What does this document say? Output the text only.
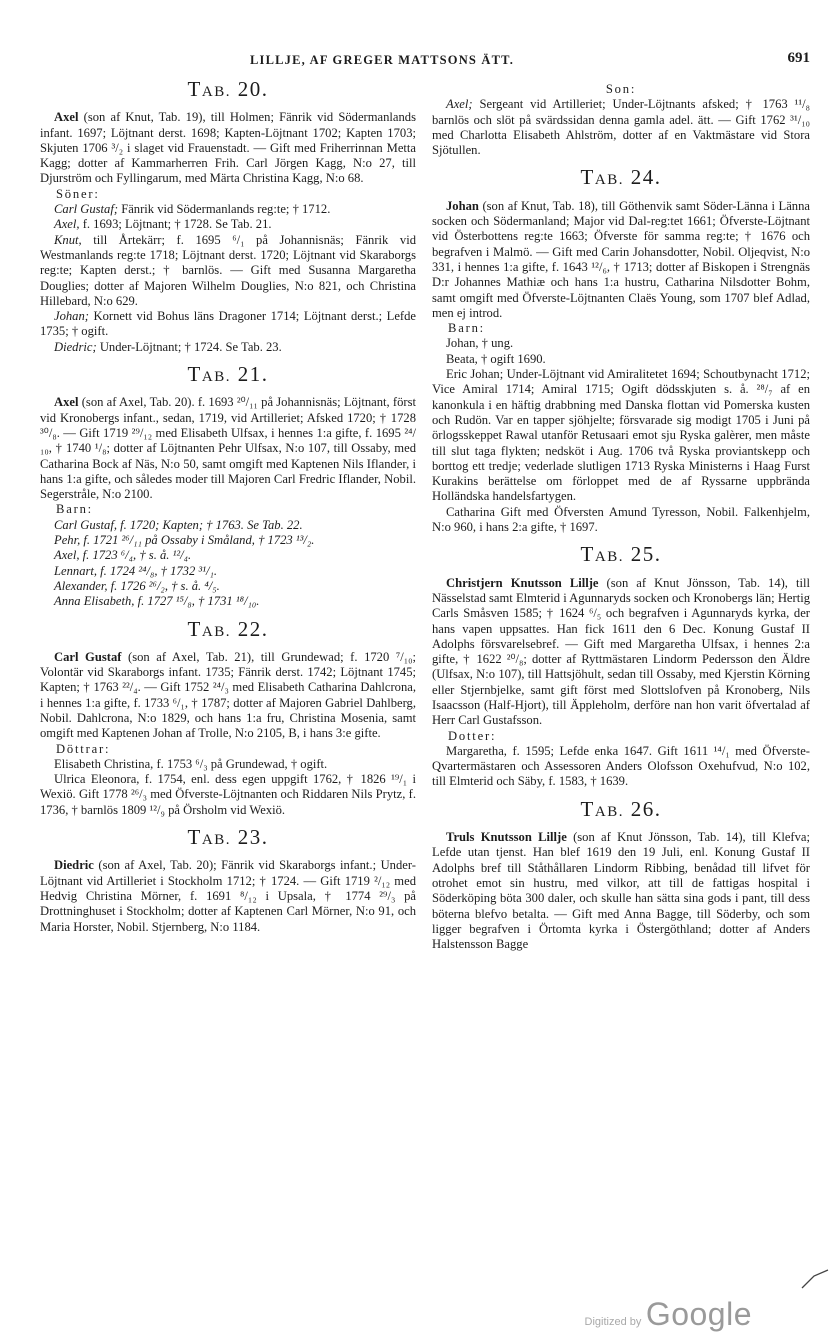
LILLJE, AF GREGER MATTSONS ÄTT.	691
TAB. 20.

Axel (son af Knut, Tab. 19), till Holmen; Fänrik vid Södermanlands infant. 1697; Löjtnant derst. 1698; Kapten-Löjtnant 1702; Kapten 1703; Skjuten 1706 ³/₂ i slaget vid Frauenstadt. — Gift med Friherrinnan Metta Kagg; dotter af Kammarherren Frih. Carl Jörgen Kagg, N:o 27, till Djurström och Fyllingarum, med Märta Christina Kagg, N:o 68.

Söner:

Carl Gustaf; Fänrik vid Södermanlands reg:te; † 1712.

Axel, f. 1693; Löjtnant; † 1728. Se Tab. 21.

Knut, till Årtekärr; f. 1695 ⁶/₁ på Johannisnäs; Fänrik vid Westmanlands reg:te 1718; Löjtnant derst. 1720; Löjtnant vid Skaraborgs reg:te; Kapten derst.; † barnlös. — Gift med Susanna Margaretha Douglies; dotter af Majoren Wilhelm Douglies, N:o 821, och Christina Hillebard, N:o 629.

Johan; Kornett vid Bohus läns Dragoner 1714; Löjtnant derst.; Lefde 1735; † ogift.

Diedric; Under-Löjtnant; † 1724. Se Tab. 23.

TAB. 21.

Axel (son af Axel, Tab. 20). f. 1693 ²⁰/₁₁ på Johannisnäs; Löjtnant, först vid Kronobergs infant., sedan, 1719, vid Artilleriet; Afsked 1720; † 1728 ³⁰/₈. — Gift 1719 ²⁹/₁₂ med Elisabeth Ulfsax, i hennes 1:a gifte, f. 1695 ²⁴/₁₀, † 1740 ¹/₈; dotter af Löjtnanten Pehr Ulfsax, N:o 107, till Ossaby, med Catharina Bock af Näs, N:o 50, samt omgift med Kaptenen Nils Iflander, i hans 1:a gifte, och således moder till Majoren Carl Fredric Iflander, Nobil. Segerstråle, N:o 2100.

Barn:

Carl Gustaf, f. 1720; Kapten; † 1763. Se Tab. 22.

Pehr, f. 1721 ²⁶/₁₁ på Ossaby i Småland, † 1723 ¹³/₂.

Axel, f. 1723 ⁶/₄, † s. å. ¹²/₄.

Lennart, f. 1724 ²⁴/₈, † 1732 ³¹/₁.

Alexander, f. 1726 ²⁶/₂, † s. å. ⁴/₅.

Anna Elisabeth, f. 1727 ¹⁵/₈, † 1731 ¹⁸/₁₀.

TAB. 22.

Carl Gustaf (son af Axel, Tab. 21), till Grundewad; f. 1720 ⁷/₁₀; Volontär vid Skaraborgs infant. 1735; Fänrik derst. 1742; Löjtnant 1745; Kapten; † 1763 ²²/₄. — Gift 1752 ²⁴/₃ med Elisabeth Catharina Dahlcrona, i hennes 1:a gifte, f. 1733 ⁶/₁, † 1787; dotter af Majoren Gabriel Dahlberg, Nobil. Dahlcrona, N:o 1829, och hans 1:a fru, Christina Mosenia, samt omgift med Kaptenen Johan af Trolle, N:o 2105, B, i hans 3:e gifte.

Döttrar:

Elisabeth Christina, f. 1753 ⁶/₃ på Grundewad, † ogift.

Ulrica Eleonora, f. 1754, enl. dess egen uppgift 1762, † 1826 ¹⁹/₁ i Wexiö. Gift 1778 ²⁶/₃ med Öfverste-Löjtnanten och Riddaren Nils Prytz, f. 1736, † barnlös 1809 ¹²/₉ på Örsholm vid Wexiö.

TAB. 23.

Diedric (son af Axel, Tab. 20); Fänrik vid Skaraborgs infant.; Under-Löjtnant vid Artilleriet i Stockholm 1712; † 1724. — Gift 1719 ²/₁₂ med Hedvig Christina Mörner, f. 1691 ⁸/₁₂ i Upsala, † 1774 ²⁹/₃ på Drottninghuset i Stockholm; dotter af Kaptenen Carl Mörner, N:o 91, och Maria Horster, Nobil. Stjernberg, N:o 1184.

Son:

Axel; Sergeant vid Artilleriet; Under-Löjtnants afsked; † 1763 ¹¹/₈ barnlös och slöt på svärdssidan denna gamla adel. ätt. — Gift 1762 ³¹/₁₀ med Charlotta Elisabeth Ahlström, dotter af en Vaktmästare vid Stora Sjötullen.

TAB. 24.

Johan (son af Knut, Tab. 18), till Göthenvik samt Söder-Länna i Länna socken och Södermanland; Major vid Dal-reg:tet 1661; Öfverste-Löjtnant vid Österbottens reg:te 1663; Öfverste för samma reg:te; † 1676 och begrafven i Malmö. — Gift med Carin Johansdotter, Nobil. Oljeqvist, N:o 331, i hennes 1:a gifte, f. 1643 ¹²/₆, † 1713; dotter af Biskopen i Strengnäs D:r Johannes Mathiæ och hans 1:a hustru, Catharina Nilsdotter Bohm, samt omgift med Öfverste-Löjtnanten Claës Young, som 1707 blef Adlad, men ej introd.

Barn:

Johan, † ung.

Beata, † ogift 1690.

Eric Johan; Under-Löjtnant vid Amiralitetet 1694; Schoutbynacht 1712; Vice Amiral 1714; Amiral 1715; Ogift dödsskjuten s. å. ²⁸/₇ af en kanonkula i en häftig drabbning med Danska flottan vid Pomerska kusten och Rudön. Var en tapper sjöhjelte; försvarade sig modigt 1705 i Juni på örlogsskeppet Rawal utanför Retusaari emot sju Ryska galèrer, men måste till slut taga flykten; nedsköt i Aug. 1706 två Ryska proviantskepp och borttog ett tredje; vederlade slutligen 1713 Ryska Ministerns i Haag Furst Kurakins berättelse om förloppet med de af Ryssarne uppbrända Holländska handelsfartygen.

Catharina Gift med Öfversten Amund Tyresson, Nobil. Falkenhjelm, N:o 960, i hans 2:a gifte, † 1697.

TAB. 25.

Christjern Knutsson Lillje (son af Knut Jönsson, Tab. 14), till Nässelstad samt Elmterid i Agunnaryds socken och Kronobergs län; Hertig Carls Småsven 1585; † 1624 ⁶/₅ och begrafven i Agunnaryds kyrka, der hans vapen uppsattes. Han fick 1611 den 6 Dec. Konung Gustaf II Adolphs försvarelsebref. — Gift med Margaretha Ulfsax, i hennes 2:a gifte, † 1622 ²⁰/₈; dotter af Ryttmästaren Lindorm Pedersson den Äldre (Ulfsax, N:o 107), till Hattsjöhult, sedan till Ossaby, med Kjerstin Körning eller Stjernbjelke, samt gift först med Slottslofven på Kronoberg, Nils Isaacsson (Half-Hjort), till Äppleholm, derföre nan hon varit öfvertalad af Herr Carl Gustafsson.

Dotter:

Margaretha, f. 1595; Lefde enka 1647. Gift 1611 ¹⁴/₁ med Öfverste-Qvartermästaren och Assessoren Anders Olofsson Oxehufvud, N:o 102, till Elmterid och Säby, f. 1583, † 1639.

TAB. 26.

Truls Knutsson Lillje (son af Knut Jönsson, Tab. 14), till Klefva; Lefde utan tjenst. Han blef 1619 den 19 Juli, enl. Konung Gustaf II Adolphs bref till Ståthållaren Lindorm Ribbing, benådad till lifvet för otrohet emot sin hustru, med vilkor, att till de fattigas hospital i Söderköping böta 300 daler, och skulle han sätta sina gods i pant, till dess böterna blefvo betalta. — Gift med Anna Bagge, till Söderby, och som ligger begrafven i Örtomta kyrka i Östergöthland; dotter af Anders Halstensson Bagge

Digitized by Google
